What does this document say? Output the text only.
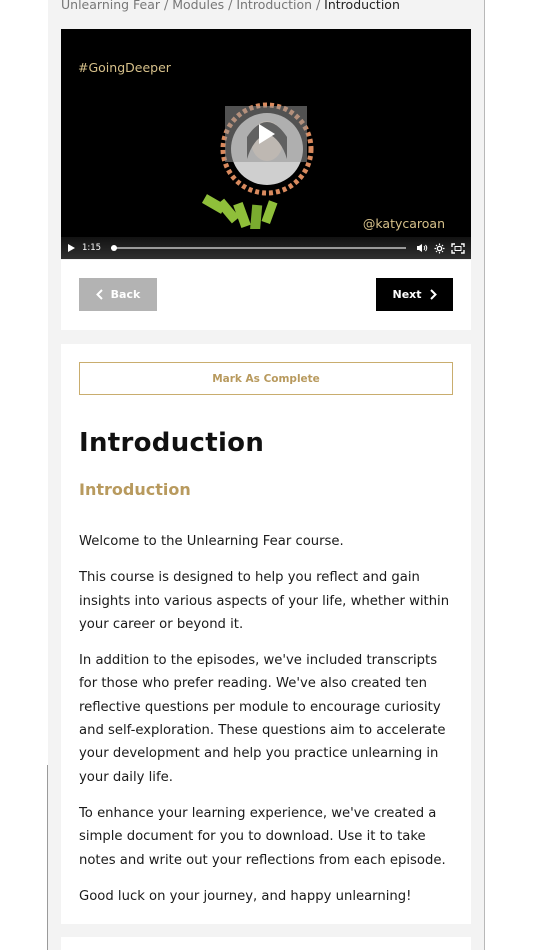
Unlearning Fear / Modules / Introduction / Introduction
#GoingDeeper
@katycaroan
1:15
Back	Next
Mark As Complete
Introduction
Introduction

Welcome to the Unlearning Fear course.

This course is designed to help you reflect and gain insights into various aspects of your life, whether within your career or beyond it.

In addition to the episodes, we've included transcripts for those who prefer reading. We've also created ten reflective questions per module to encourage curiosity and self-exploration. These questions aim to accelerate your development and help you practice unlearning in your daily life.

To enhance your learning experience, we've created a simple document for you to download. Use it to take notes and write out your reflections from each episode.

Good luck on your journey, and happy unlearning!
